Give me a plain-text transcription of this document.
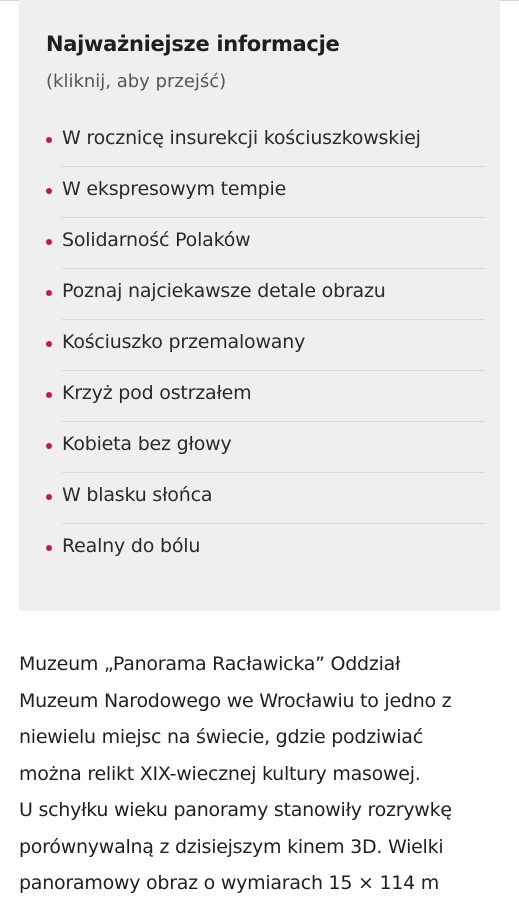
Najważniejsze informacje

(kliknij, aby przejść)

W rocznicę insurekcji kościuszkowskiej
W ekspresowym tempie
Solidarność Polaków
Poznaj najciekawsze detale obrazu
Kościuszko przemalowany
Krzyż pod ostrzałem
Kobieta bez głowy
W blasku słońca
Realny do bólu

Muzeum „Panorama Racławicka” Oddział
Muzeum Narodowego we Wrocławiu to jedno z
niewielu miejsc na świecie, gdzie podziwiać
można relikt XIX-wiecznej kultury masowej.
U schyłku wieku panoramy stanowiły rozrywkę
porównywalną z dzisiejszym kinem 3D. Wielki
panoramowy obraz o wymiarach 15 × 114 m
